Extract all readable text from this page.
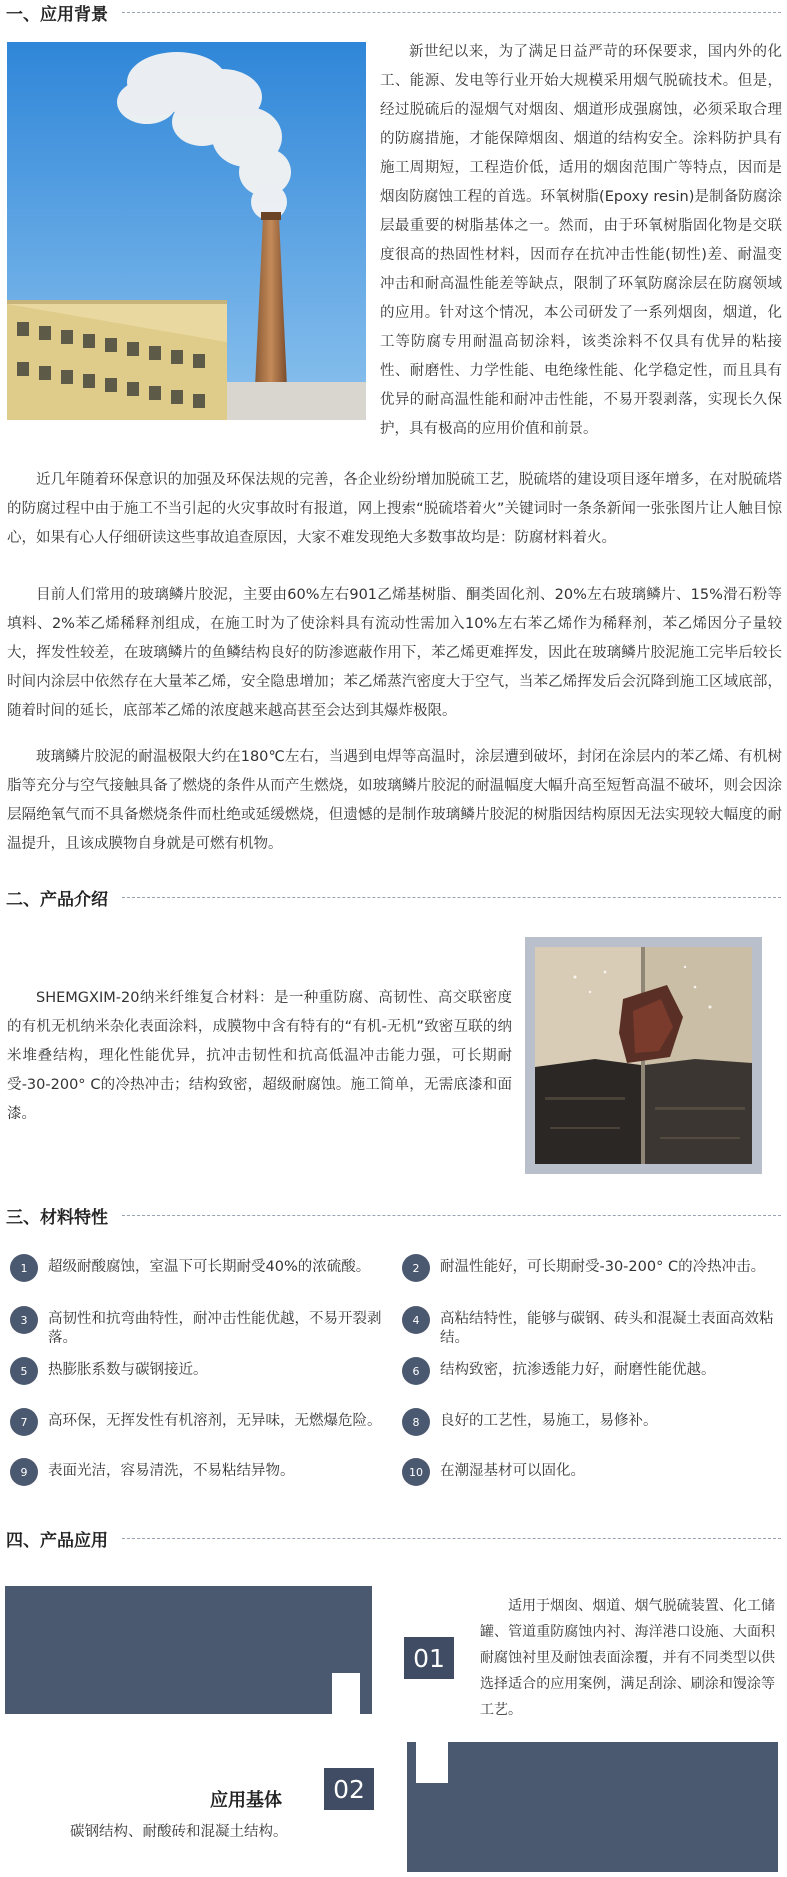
一、应用背景
新世纪以来，为了满足日益严苛的环保要求，国内外的化工、能源、发电等行业开始大规模采用烟气脱硫技术。但是，经过脱硫后的湿烟气对烟囱、烟道形成强腐蚀，必须采取合理的防腐措施，才能保障烟囱、烟道的结构安全。涂料防护具有施工周期短，工程造价低，适用的烟囱范围广等特点，因而是烟囱防腐蚀工程的首选。环氧树脂(Epoxy resin)是制备防腐涂层最重要的树脂基体之一。然而，由于环氧树脂固化物是交联度很高的热固性材料，因而存在抗冲击性能(韧性)差、耐温变冲击和耐高温性能差等缺点，限制了环氧防腐涂层在防腐领域的应用。针对这个情况，本公司研发了一系列烟囱，烟道，化工等防腐专用耐温高韧涂料，该类涂料不仅具有优异的粘接性、耐磨性、力学性能、电绝缘性能、化学稳定性，而且具有优异的耐高温性能和耐冲击性能，不易开裂剥落，实现长久保护，具有极高的应用价值和前景。
近几年随着环保意识的加强及环保法规的完善，各企业纷纷增加脱硫工艺，脱硫塔的建设项目逐年增多，在对脱硫塔的防腐过程中由于施工不当引起的火灾事故时有报道，网上搜索“脱硫塔着火”关键词时一条条新闻一张张图片让人触目惊心，如果有心人仔细研读这些事故追查原因，大家不难发现绝大多数事故均是：防腐材料着火。
目前人们常用的玻璃鳞片胶泥，主要由60%左右901乙烯基树脂、酮类固化剂、20%左右玻璃鳞片、15%滑石粉等填料、2%苯乙烯稀释剂组成，在施工时为了使涂料具有流动性需加入10%左右苯乙烯作为稀释剂，苯乙烯因分子量较大，挥发性较差，在玻璃鳞片的鱼鳞结构良好的防渗遮蔽作用下，苯乙烯更难挥发，因此在玻璃鳞片胶泥施工完毕后较长时间内涂层中依然存在大量苯乙烯，安全隐患增加；苯乙烯蒸汽密度大于空气，当苯乙烯挥发后会沉降到施工区域底部，随着时间的延长，底部苯乙烯的浓度越来越高甚至会达到其爆炸极限。
玻璃鳞片胶泥的耐温极限大约在180℃左右，当遇到电焊等高温时，涂层遭到破坏，封闭在涂层内的苯乙烯、有机树脂等充分与空气接触具备了燃烧的条件从而产生燃烧，如玻璃鳞片胶泥的耐温幅度大幅升高至短暂高温不破坏，则会因涂层隔绝氧气而不具备燃烧条件而杜绝或延缓燃烧，但遗憾的是制作玻璃鳞片胶泥的树脂因结构原因无法实现较大幅度的耐温提升，且该成膜物自身就是可燃有机物。
二、产品介绍
SHEMGXIM-20纳米纤维复合材料：是一种重防腐、高韧性、高交联密度的有机无机纳米杂化表面涂料，成膜物中含有特有的“有机-无机”致密互联的纳米堆叠结构，理化性能优异，抗冲击韧性和抗高低温冲击能力强，可长期耐受-30-200° C的冷热冲击；结构致密，超级耐腐蚀。施工简单，无需底漆和面漆。
三、材料特性
1	超级耐酸腐蚀，室温下可长期耐受40%的浓硫酸。	2	耐温性能好，可长期耐受-30-200° C的冷热冲击。
3	高韧性和抗弯曲特性，耐冲击性能优越，不易开裂剥落。
4	高粘结特性，能够与碳钢、砖头和混凝土表面高效粘结。
5	热膨胀系数与碳钢接近。	6	结构致密，抗渗透能力好，耐磨性能优越。
7	高环保，无挥发性有机溶剂，无异味，无燃爆危险。	8	良好的工艺性，易施工，易修补。
9	表面光洁，容易清洗，不易粘结异物。	10	在潮湿基材可以固化。
四、产品应用
01
适用于烟囱、烟道、烟气脱硫装置、化工储罐、管道重防腐蚀内衬、海洋港口设施、大面积耐腐蚀衬里及耐蚀表面涂覆，并有不同类型以供选择适合的应用案例，满足刮涂、刷涂和馒涂等工艺。
02
应用基体
碳钢结构、耐酸砖和混凝土结构。
